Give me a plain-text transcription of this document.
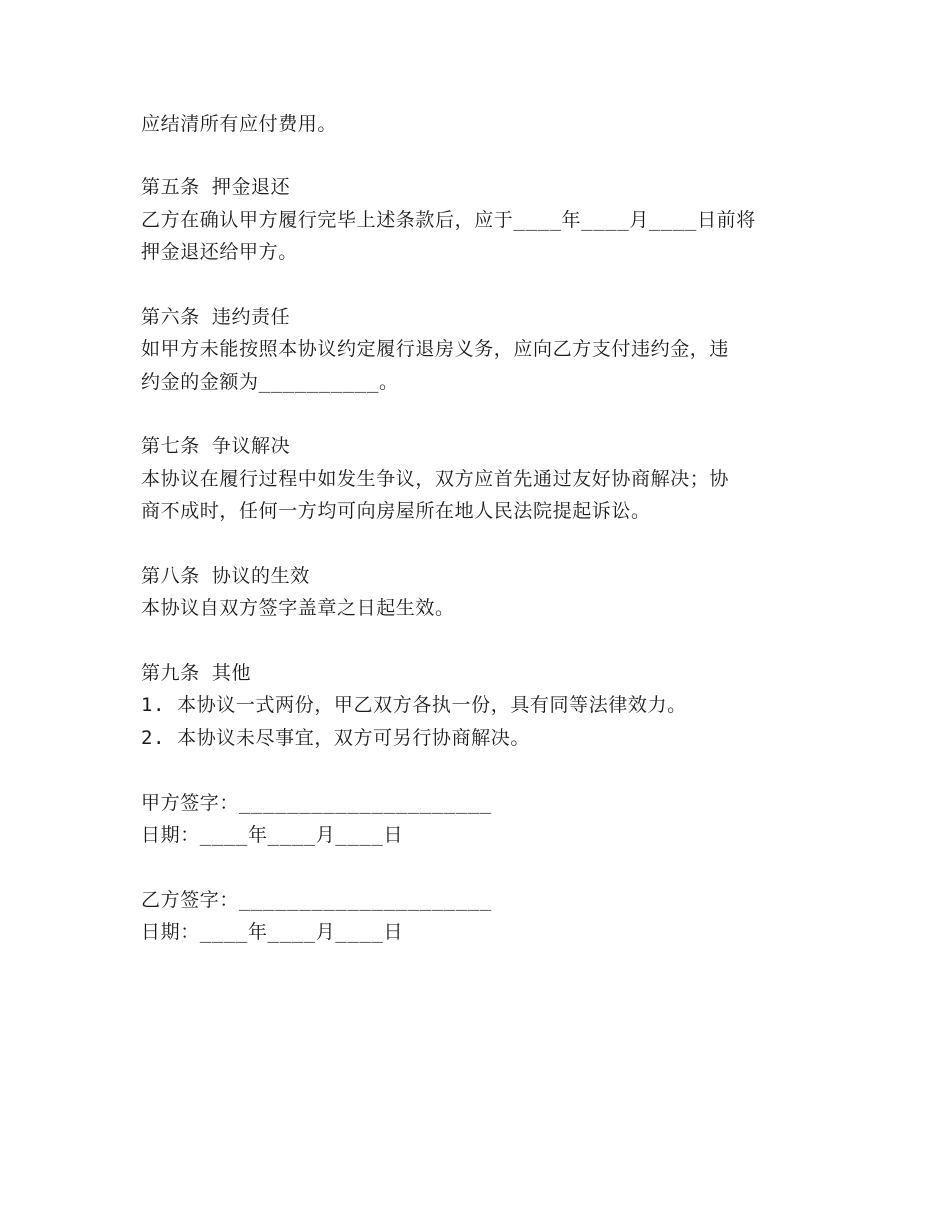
应结清所有应付费用。
第五条 押金退还
乙方在确认甲方履行完毕上述条款后，应于____年____月____日前将
押金退还给甲方。
第六条 违约责任
如甲方未能按照本协议约定履行退房义务，应向乙方支付违约金，违
约金的金额为__________。
第七条 争议解决
本协议在履行过程中如发生争议，双方应首先通过友好协商解决；协
商不成时，任何一方均可向房屋所在地人民法院提起诉讼。
第八条 协议的生效
本协议自双方签字盖章之日起生效。
第九条 其他
1. 本协议一式两份，甲乙双方各执一份，具有同等法律效力。
2. 本协议未尽事宜，双方可另行协商解决。
甲方签字：_____________________
日期：____年____月____日
乙方签字：_____________________
日期：____年____月____日
